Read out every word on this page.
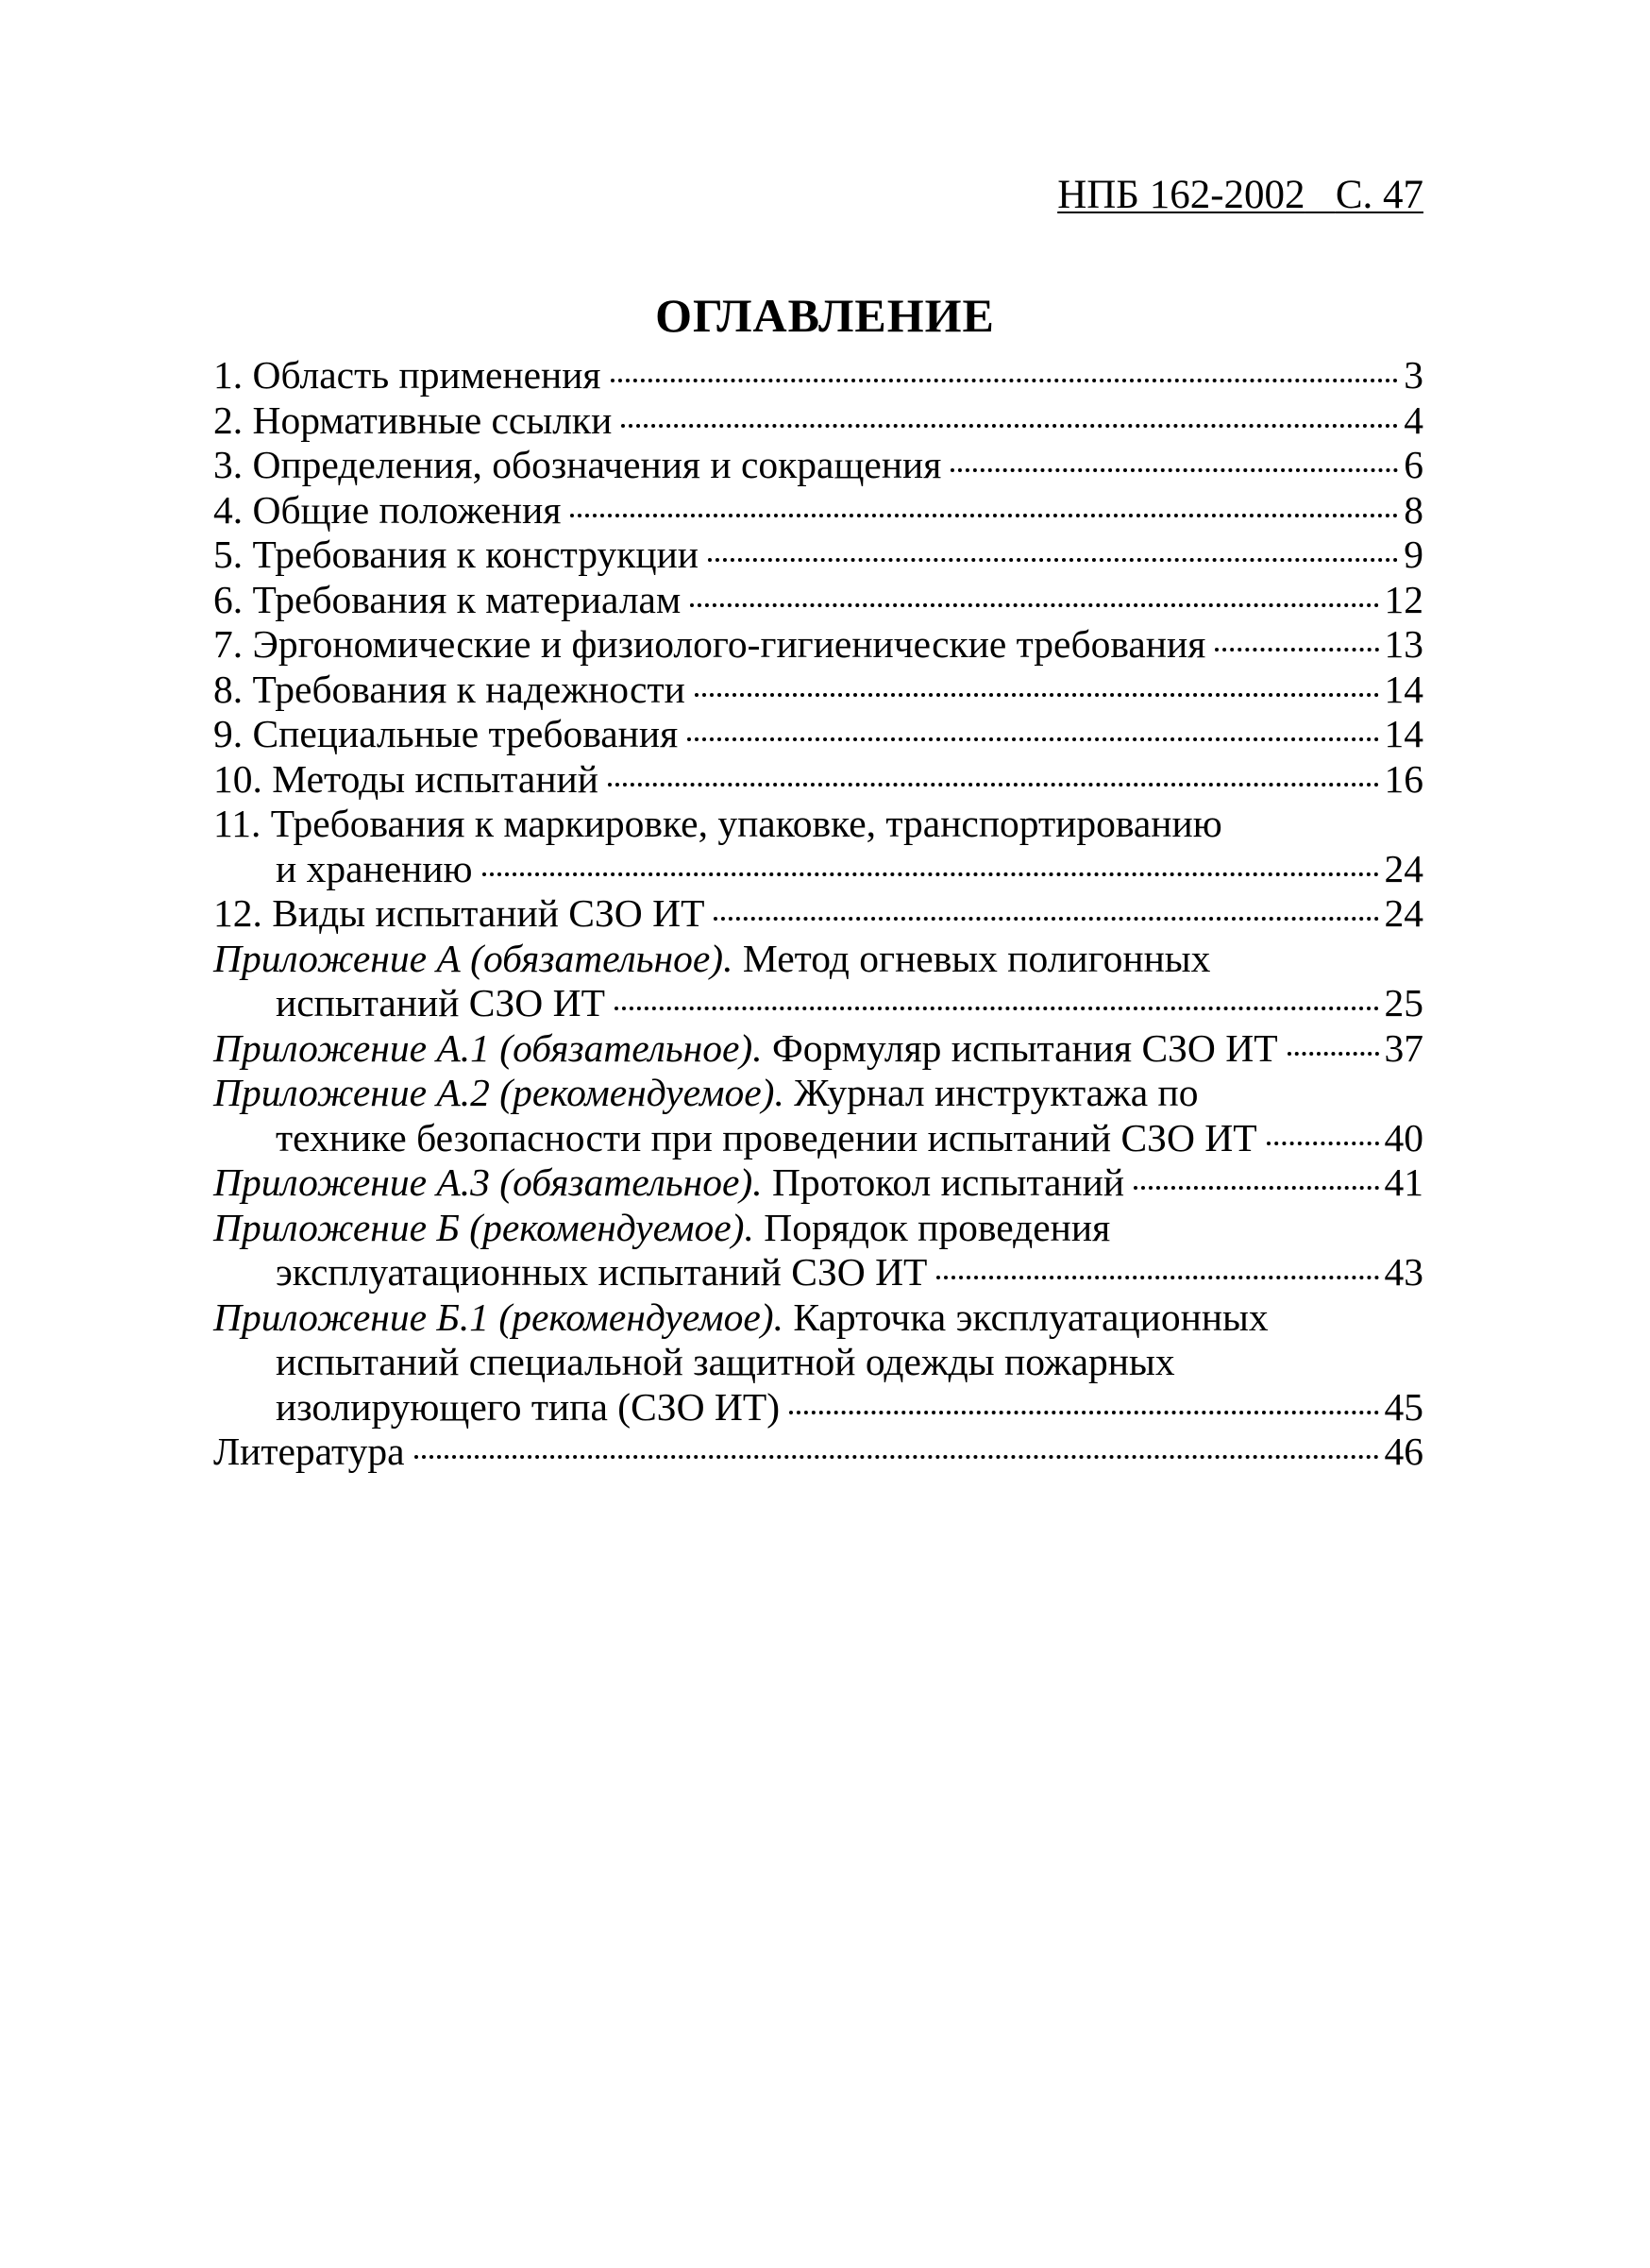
НПБ 162-2002 С. 47
ОГЛАВЛЕНИЕ
1. Область применения	3
2. Нормативные ссылки	4
3. Определения, обозначения и сокращения	6
4. Общие положения	8
5. Требования к конструкции	9
6. Требования к материалам	12
7. Эргономические и физиолого-гигиенические требования	13
8. Требования к надежности	14
9. Специальные требования	14
10. Методы испытаний	16
11. Требования к маркировке, упаковке, транспортированию
и хранению	24
12. Виды испытаний СЗО ИТ	24
Приложение А (обязательное). Метод огневых полигонных
испытаний СЗО ИТ	25
Приложение А.1 (обязательное). Формуляр испытания СЗО ИТ	37
Приложение А.2 (рекомендуемое). Журнал инструктажа по
технике безопасности при проведении испытаний СЗО ИТ	40
Приложение А.3 (обязательное). Протокол испытаний	41
Приложение Б (рекомендуемое). Порядок проведения
эксплуатационных испытаний СЗО ИТ	43
Приложение Б.1 (рекомендуемое). Карточка эксплуатационных
испытаний специальной защитной одежды пожарных
изолирующего типа (СЗО ИТ)	45
Литература	46
